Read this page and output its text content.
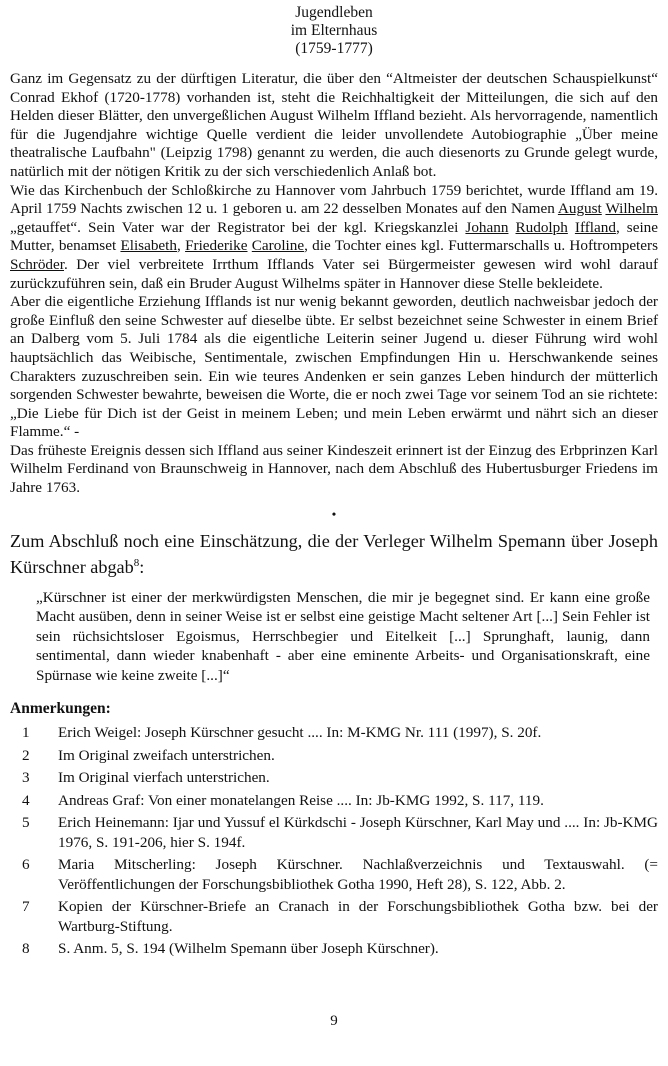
Jugendleben
im Elternhaus
(1759-1777)

Ganz im Gegensatz zu der dürftigen Literatur, die über den “Altmeister der deutschen Schauspielkunst“ Conrad Ekhof (1720-1778) vorhanden ist, steht die Reichhaltigkeit der Mitteilungen, die sich auf den Helden dieser Blätter, den unvergeßlichen August Wilhelm Iffland bezieht. Als hervorragende, namentlich für die Jugendjahre wichtige Quelle verdient die leider unvollendete Autobiographie „Über meine theatralische Laufbahn" (Leipzig 1798) genannt zu werden, die auch diesenorts zu Grunde gelegt wurde, natürlich mit der nötigen Kritik zu der sich verschiedenlich Anlaß bot.

Wie das Kirchenbuch der Schloßkirche zu Hannover vom Jahrbuch 1759 berichtet, wurde Iffland am 19. April 1759 Nachts zwischen 12 u. 1 geboren u. am 22 desselben Monates auf den Namen August Wilhelm „getauffet“. Sein Vater war der Registrator bei der kgl. Kriegskanzlei Johann Rudolph Iffland, seine Mutter, benamset Elisabeth, Friederike Caroline, die Tochter eines kgl. Futtermarschalls u. Hoftrompeters Schröder. Der viel verbreitete Irrthum Ifflands Vater sei Bürgermeister gewesen wird wohl darauf zurückzuführen sein, daß ein Bruder August Wilhelms später in Hannover diese Stelle bekleidete.

Aber die eigentliche Erziehung Ifflands ist nur wenig bekannt geworden, deutlich nachweisbar jedoch der große Einfluß den seine Schwester auf dieselbe übte. Er selbst bezeichnet seine Schwester in einem Brief an Dalberg vom 5. Juli 1784 als die eigentliche Leiterin seiner Jugend u. dieser Führung wird wohl hauptsächlich das Weibische, Sentimentale, zwischen Empfindungen Hin u. Herschwankende seines Charakters zuzuschreiben sein. Ein wie teures Andenken er sein ganzes Leben hindurch der mütterlich sorgenden Schwester bewahrte, beweisen die Worte, die er noch zwei Tage vor seinem Tod an sie richtete: „Die Liebe für Dich ist der Geist in meinem Leben; und mein Leben erwärmt und nährt sich an dieser Flamme.“ -

Das früheste Ereignis dessen sich Iffland aus seiner Kindeszeit erinnert ist der Einzug des Erbprinzen Karl Wilhelm Ferdinand von Braunschweig in Hannover, nach dem Abschluß des Hubertusburger Friedens im Jahre 1763.

•
Zum Abschluß noch eine Einschätzung, die der Verleger Wilhelm Spemann über Joseph Kürschner abgab$^8$:

„Kürschner ist einer der merkwürdigsten Menschen, die mir je begegnet sind. Er kann eine große Macht ausüben, denn in seiner Weise ist er selbst eine geistige Macht seltener Art [...] Sein Fehler ist sein rüchsichtsloser Egoismus, Herrschbegier und Eitelkeit [...] Sprunghaft, launig, dann sentimental, dann wieder knabenhaft - aber eine eminente Arbeits- und Organisationskraft, eine Spürnase wie keine zweite [...]“

Anmerkungen:
1	Erich Weigel: Joseph Kürschner gesucht .... In: M-KMG Nr. 111 (1997), S. 20f.
2	Im Original zweifach unterstrichen.
3	Im Original vierfach unterstrichen.
4	Andreas Graf: Von einer monatelangen Reise .... In: Jb-KMG 1992, S. 117, 119.
5	Erich Heinemann: Ijar und Yussuf el Kürkdschi - Joseph Kürschner, Karl May und .... In: Jb-KMG 1976, S. 191-206, hier S. 194f.
6	Maria Mitscherling: Joseph Kürschner. Nachlaßverzeichnis und Textauswahl. (= Veröffentlichungen der Forschungsbibliothek Gotha 1990, Heft 28), S. 122, Abb. 2.
7	Kopien der Kürschner-Briefe an Cranach in der Forschungsbibliothek Gotha bzw. bei der Wartburg-Stiftung.
8	S. Anm. 5, S. 194 (Wilhelm Spemann über Joseph Kürschner).
9
